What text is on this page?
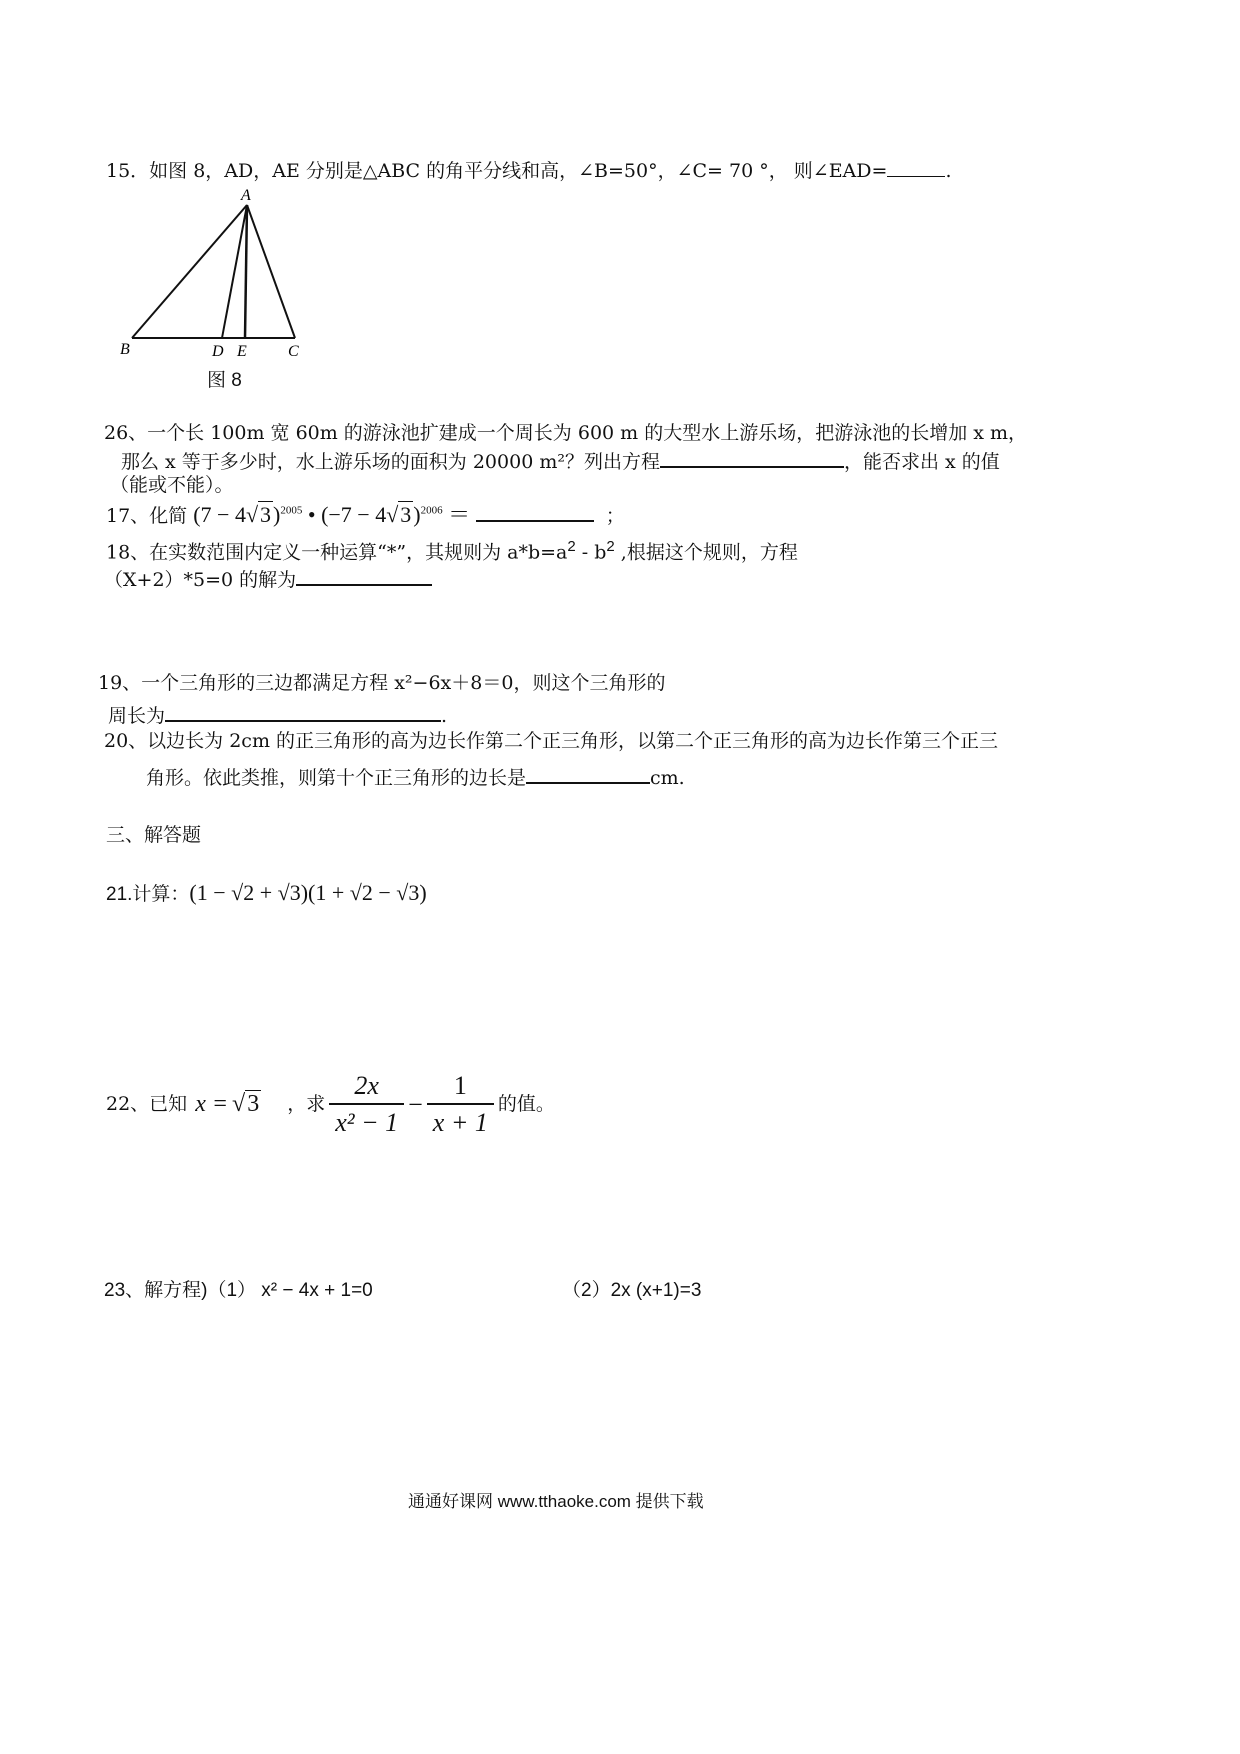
15．如图 8，AD，AE 分别是△ABC 的角平分线和高，∠B=50°，∠C= 70 °， 则∠EAD=	.
A
B	D E	C
图 8
26、一个长 100m 宽 60m 的游泳池扩建成一个周长为 600 m 的大型水上游乐场，把游泳池的长增加 x m，
那么 x 等于多少时，水上游乐场的面积为 20000 m²？列出方程	，能否求出 x 的值
（能或不能）。
17、化简 $(7 - 4√3)^{2005}$ • $(-7 - 4√3)^{2006}$ ＝	；
18、在实数范围内定义一种运算“*”，其规则为 $a*b=a^2 - b^2$ ,根据这个规则，方程
（X+2）*5=0 的解为
19、一个三角形的三边都满足方程 x²−6x＋8＝0，则这个三角形的
周长为	.
20、以边长为 2cm 的正三角形的高为边长作第二个正三角形，以第二个正三角形的高为边长作第三个正三
角形。依此类推，则第十个正三角形的边长是	cm.
三、解答题
21.计算：(1 − √2 + √3)(1 + √2 − √3)
22、已知 x = √3 ，求 $\frac{2x}{\text{x² − 1}} - \frac{1}{x + 1}$ 的值。
23、解方程)（1） x² − 4x + 1=0	（2）2x (x+1)=3
通通好课网 www.tthaoke.com 提供下载
